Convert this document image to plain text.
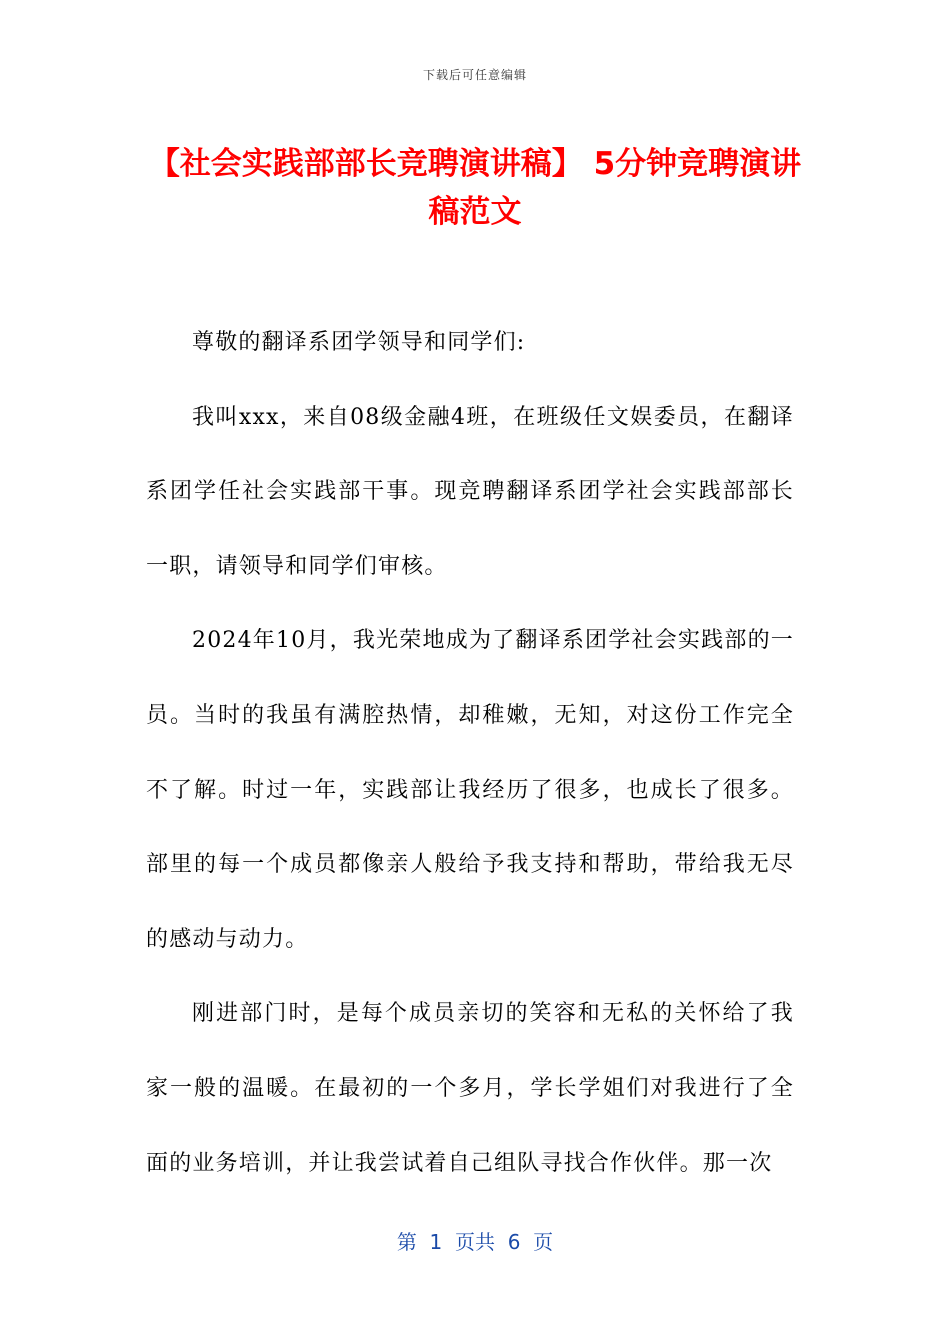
下载后可任意编辑
【社会实践部部长竞聘演讲稿】 5分钟竞聘演讲稿范文

尊敬的翻译系团学领导和同学们:

我叫xxx，来自08级金融4班，在班级任文娱委员，在翻译系团学任社会实践部干事。现竞聘翻译系团学社会实践部部长一职，请领导和同学们审核。

2024年10月，我光荣地成为了翻译系团学社会实践部的一员。当时的我虽有满腔热情，却稚嫩，无知，对这份工作完全不了解。时过一年，实践部让我经历了很多，也成长了很多。部里的每一个成员都像亲人般给予我支持和帮助，带给我无尽的感动与动力。

刚进部门时，是每个成员亲切的笑容和无私的关怀给了我家一般的温暖。在最初的一个多月，学长学姐们对我进行了全面的业务培训，并让我尝试着自己组队寻找合作伙伴。那一次

第  1  页共  6  页
